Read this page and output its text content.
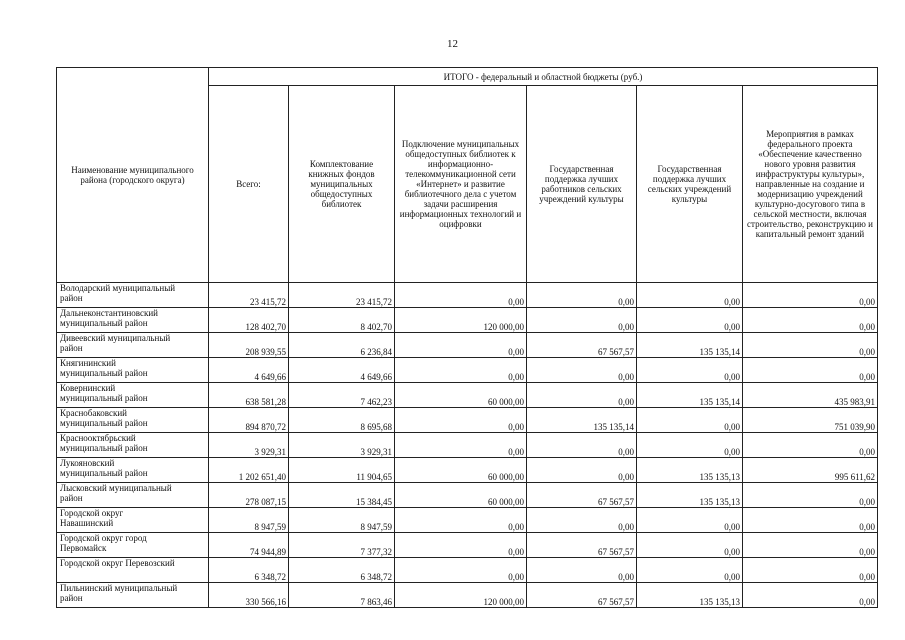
12
Наименование муниципального района (городского округа)	ИТОГО - федеральный и областной бюджеты (руб.)					
	Всего:	Комплектование книжных фондов муниципальных общедоступных библиотек	Подключение муниципальных общедоступных библиотек к информационно-телекоммуникационной сети «Интернет» и развитие библиотечного дела с учетом задачи расширения информационных технологий и оцифровки	Государственная поддержка лучших работников сельских учреждений культуры	Государственная поддержка лучших сельских учреждений культуры	Мероприятия в рамках федерального проекта «Обеспечение качественно нового уровня развития инфраструктуры культуры», направленные на создание и модернизацию учреждений культурно-досугового типа в сельской местности, включая строительство, реконструкцию и капитальный ремонт зданий
Володарский муниципальный
район	23 415,72	23 415,72	0,00	0,00	0,00	0,00
Дальнеконстантиновский
муниципальный район	128 402,70	8 402,70	120 000,00	0,00	0,00	0,00
Дивеевский муниципальный
район	208 939,55	6 236,84	0,00	67 567,57	135 135,14	0,00
Княгининский
муниципальный район	4 649,66	4 649,66	0,00	0,00	0,00	0,00
Ковернинский
муниципальный район	638 581,28	7 462,23	60 000,00	0,00	135 135,14	435 983,91
Краснобаковский
муниципальный район	894 870,72	8 695,68	0,00	135 135,14	0,00	751 039,90
Краснооктябрьский
муниципальный район	3 929,31	3 929,31	0,00	0,00	0,00	0,00
Лукояновский
муниципальный район	1 202 651,40	11 904,65	60 000,00	0,00	135 135,13	995 611,62
Лысковский муниципальный
район	278 087,15	15 384,45	60 000,00	67 567,57	135 135,13	0,00
Городской округ
Навашинский	8 947,59	8 947,59	0,00	0,00	0,00	0,00
Городской округ город
Первомайск	74 944,89	7 377,32	0,00	67 567,57	0,00	0,00
Городской округ Перевозский	6 348,72	6 348,72	0,00	0,00	0,00	0,00
Пильнинский муниципальный
район	330 566,16	7 863,46	120 000,00	67 567,57	135 135,13	0,00
